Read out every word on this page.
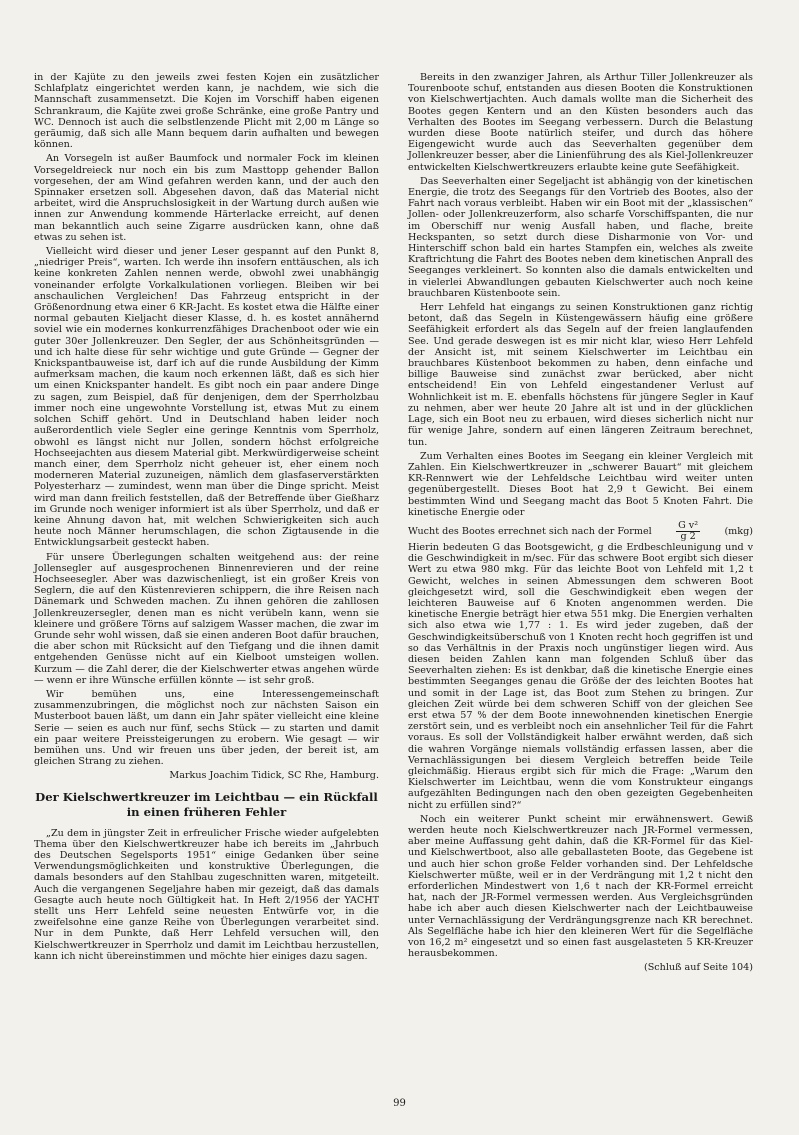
in der Kajüte zu den jeweils zwei festen Kojen ein zusätzlicher Schlafplatz eingerichtet werden kann, je nachdem, wie sich die Mannschaft zusammensetzt. Die Kojen im Vorschiff haben eigenen Schrankraum, die Kajüte zwei große Schränke, eine große Pantry und WC. Dennoch ist auch die selbstlenzende Plicht mit 2,00 m Länge so geräumig, daß sich alle Mann bequem darin aufhalten und bewegen können.

An Vorsegeln ist außer Baumfock und normaler Fock im kleinen Vorsegeldreieck nur noch ein bis zum Masttopp gehender Ballon vorgesehen, der am Wind gefahren werden kann, und der auch den Spinnaker ersetzen soll. Abgesehen davon, daß das Material nicht arbeitet, wird die Anspruchslosigkeit in der Wartung durch außen wie innen zur Anwendung kommende Härterlacke erreicht, auf denen man bekanntlich auch seine Zigarre ausdrücken kann, ohne daß etwas zu sehen ist.

Vielleicht wird dieser und jener Leser gespannt auf den Punkt 8, „niedriger Preis“, warten. Ich werde ihn insofern enttäuschen, als ich keine konkreten Zahlen nennen werde, obwohl zwei unabhängig voneinander erfolgte Vorkalkulationen vorliegen. Bleiben wir bei anschaulichen Vergleichen! Das Fahrzeug entspricht in der Größenordnung etwa einer 6 KR-Jacht. Es kostet etwa die Hälfte einer normal gebauten Kieljacht dieser Klasse, d. h. es kostet annähernd soviel wie ein modernes konkurrenzfähiges Drachenboot oder wie ein guter 30er Jollenkreuzer. Den Segler, der aus Schönheitsgründen — und ich halte diese für sehr wichtige und gute Gründe — Gegner der Knickspantbauweise ist, darf ich auf die runde Ausbildung der Kimm aufmerksam machen, die kaum noch erkennen läßt, daß es sich hier um einen Knickspanter handelt. Es gibt noch ein paar andere Dinge zu sagen, zum Beispiel, daß für denjenigen, dem der Sperrholzbau immer noch eine ungewohnte Vorstellung ist, etwas Mut zu einem solchen Schiff gehört. Und in Deutschland haben leider noch außerordentlich viele Segler eine geringe Kenntnis vom Sperrholz, obwohl es längst nicht nur Jollen, sondern höchst erfolgreiche Hochseejachten aus diesem Material gibt. Merkwürdigerweise scheint manch einer, dem Sperrholz nicht geheuer ist, eher einem noch moderneren Material zuzuneigen, nämlich dem glasfaserverstärkten Polyesterharz — zumindest, wenn man über die Dinge spricht. Meist wird man dann freilich feststellen, daß der Betreffende über Gießharz im Grunde noch weniger informiert ist als über Sperrholz, und daß er keine Ahnung davon hat, mit welchen Schwierigkeiten sich auch heute noch Männer herumschlagen, die schon Zigtausende in die Entwicklungsarbeit gesteckt haben.

Für unsere Überlegungen schalten weitgehend aus: der reine Jollensegler auf ausgesprochenen Binnenrevieren und der reine Hochseesegler. Aber was dazwischenliegt, ist ein großer Kreis von Seglern, die auf den Küstenrevieren schippern, die ihre Reisen nach Dänemark und Schweden machen. Zu ihnen gehören die zahllosen Jollenkreuzersegler, denen man es nicht verübeln kann, wenn sie kleinere und größere Törns auf salzigem Wasser machen, die zwar im Grunde sehr wohl wissen, daß sie einen anderen Boot dafür brauchen, die aber schon mit Rücksicht auf den Tiefgang und die ihnen damit entgehenden Genüsse nicht auf ein Kielboot umsteigen wollen. Kurzum — die Zahl derer, die der Kielschwerter etwas angehen würde — wenn er ihre Wünsche erfüllen könnte — ist sehr groß.

Wir bemühen uns, eine Interessengemeinschaft zusammenzubringen, die möglichst noch zur nächsten Saison ein Musterboot bauen läßt, um dann ein Jahr später vielleicht eine kleine Serie — seien es auch nur fünf, sechs Stück — zu starten und damit ein paar weitere Preissteigerungen zu erobern. Wie gesagt — wir bemühen uns. Und wir freuen uns über jeden, der bereit ist, am gleichen Strang zu ziehen.

Markus Joachim Tidick, SC Rhe, Hamburg.

Der Kielschwertkreuzer im Leichtbau — ein Rückfall
in einen früheren Fehler

„Zu dem in jüngster Zeit in erfreulicher Frische wieder aufgelebten Thema über den Kielschwertkreuzer habe ich bereits im „Jahrbuch des Deutschen Segelsports 1951“ einige Gedanken über seine Verwendungsmöglichkeiten und konstruktive Überlegungen, die damals besonders auf den Stahlbau zugeschnitten waren, mitgeteilt. Auch die vergangenen Segeljahre haben mir gezeigt, daß das damals Gesagte auch heute noch Gültigkeit hat. In Heft 2/1956 der YACHT stellt uns Herr Lehfeld seine neuesten Entwürfe vor, in die zweifelsohne eine ganze Reihe von Überlegungen verarbeitet sind. Nur in dem Punkte, daß Herr Lehfeld versuchen will, den Kielschwertkreuzer in Sperrholz und damit im Leichtbau herzustellen, kann ich nicht übereinstimmen und möchte hier einiges dazu sagen.

Bereits in den zwanziger Jahren, als Arthur Tiller Jollenkreuzer als Tourenboote schuf, entstanden aus diesen Booten die Konstruktionen von Kielschwertjachten. Auch damals wollte man die Sicherheit des Bootes gegen Kentern und an den Küsten besonders auch das Verhalten des Bootes im Seegang verbessern. Durch die Belastung wurden diese Boote natürlich steifer, und durch das höhere Eigengewicht wurde auch das Seeverhalten gegenüber dem Jollenkreuzer besser, aber die Linienführung des als Kiel-Jollenkreuzer entwickelten Kielschwertkreuzers erlaubte keine gute Seefähigkeit.

Das Seeverhalten einer Segeljacht ist abhängig von der kinetischen Energie, die trotz des Seegangs für den Vortrieb des Bootes, also der Fahrt nach voraus verbleibt. Haben wir ein Boot mit der „klassischen“ Jollen- oder Jollenkreuzerform, also scharfe Vorschiffspanten, die nur im Oberschiff nur wenig Ausfall haben, und flache, breite Heckspanten, so setzt durch diese Disharmonie von Vor- und Hinterschiff schon bald ein hartes Stampfen ein, welches als zweite Kraftrichtung die Fahrt des Bootes neben dem kinetischen Anprall des Seeganges verkleinert. So konnten also die damals entwickelten und in vielerlei Abwandlungen gebauten Kielschwerter auch noch keine brauchbaren Küstenboote sein.

Herr Lehfeld hat eingangs zu seinen Konstruktionen ganz richtig betont, daß das Segeln in Küstengewässern häufig eine größere Seefähigkeit erfordert als das Segeln auf der freien langlaufenden See. Und gerade deswegen ist es mir nicht klar, wieso Herr Lehfeld der Ansicht ist, mit seinem Kielschwerter im Leichtbau ein brauchbares Küstenboot bekommen zu haben, denn einfache und billige Bauweise sind zunächst zwar berücked, aber nicht entscheidend! Ein von Lehfeld eingestandener Verlust auf Wohnlichkeit ist m. E. ebenfalls höchstens für jüngere Segler in Kauf zu nehmen, aber wer heute 20 Jahre alt ist und in der glücklichen Lage, sich ein Boot neu zu erbauen, wird dieses sicherlich nicht nur für wenige Jahre, sondern auf einen längeren Zeitraum berechnet, tun.

Zum Verhalten eines Bootes im Seegang ein kleiner Vergleich mit Zahlen. Ein Kielschwertkreuzer in „schwerer Bauart“ mit gleichem KR-Rennwert wie der Lehfeldsche Leichtbau wird weiter unten gegenübergestellt. Dieses Boot hat 2,9 t Gewicht. Bei einem bestimmten Wind und Seegang macht das Boot 5 Knoten Fahrt. Die kinetische Energie oder

Wucht des Bootes errechnet sich nach der Formel	$\frac{\text{G v²}}{g 2}$	(mkg)

Hierin bedeuten G das Bootsgewicht, g die Erdbeschleunigung und v die Geschwindigkeit in m/sec. Für das schwere Boot ergibt sich dieser Wert zu etwa 980 mkg. Für das leichte Boot von Lehfeld mit 1,2 t Gewicht, welches in seinen Abmessungen dem schweren Boot gleichgesetzt wird, soll die Geschwindigkeit eben wegen der leichteren Bauweise auf 6 Knoten angenommen werden. Die kinetische Energie beträgt hier etwa 551 mkg. Die Energien verhalten sich also etwa wie 1,77 : 1. Es wird jeder zugeben, daß der Geschwindigkeitsüberschuß von 1 Knoten recht hoch gegriffen ist und so das Verhältnis in der Praxis noch ungünstiger liegen wird. Aus diesen beiden Zahlen kann man folgenden Schluß über das Seeverhalten ziehen: Es ist denkbar, daß die kinetische Energie eines bestimmten Seeganges genau die Größe der des leichten Bootes hat und somit in der Lage ist, das Boot zum Stehen zu bringen. Zur gleichen Zeit würde bei dem schweren Schiff von der gleichen See erst etwa 57 % der dem Boote innewohnenden kinetischen Energie zerstört sein, und es verbleibt noch ein ansehnlicher Teil für die Fahrt voraus. Es soll der Vollständigkeit halber erwähnt werden, daß sich die wahren Vorgänge niemals vollständig erfassen lassen, aber die Vernachlässigungen bei diesem Vergleich betreffen beide Teile gleichmäßig. Hieraus ergibt sich für mich die Frage: „Warum den Kielschwerter im Leichtbau, wenn die vom Konstrukteur eingangs aufgezählten Bedingungen nach den oben gezeigten Gegebenheiten nicht zu erfüllen sind?“

Noch ein weiterer Punkt scheint mir erwähnenswert. Gewiß werden heute noch Kielschwertkreuzer nach JR-Formel vermessen, aber meine Auffassung geht dahin, daß die KR-Formel für das Kiel- und Kielschwertboot, also alle geballasteten Boote, das Gegebene ist und auch hier schon große Felder vorhanden sind. Der Lehfeldsche Kielschwerter müßte, weil er in der Verdrängung mit 1,2 t nicht den erforderlichen Mindestwert von 1,6 t nach der KR-Formel erreicht hat, nach der JR-Formel vermessen werden. Aus Vergleichsgründen habe ich aber auch diesen Kielschwerter nach der Leichtbauweise unter Vernachlässigung der Verdrängungsgrenze nach KR berechnet. Als Segelfläche habe ich hier den kleineren Wert für die Segelfläche von 16,2 m² eingesetzt und so einen fast ausgelasteten 5 KR-Kreuzer herausbekommen.

(Schluß auf Seite 104)

99
